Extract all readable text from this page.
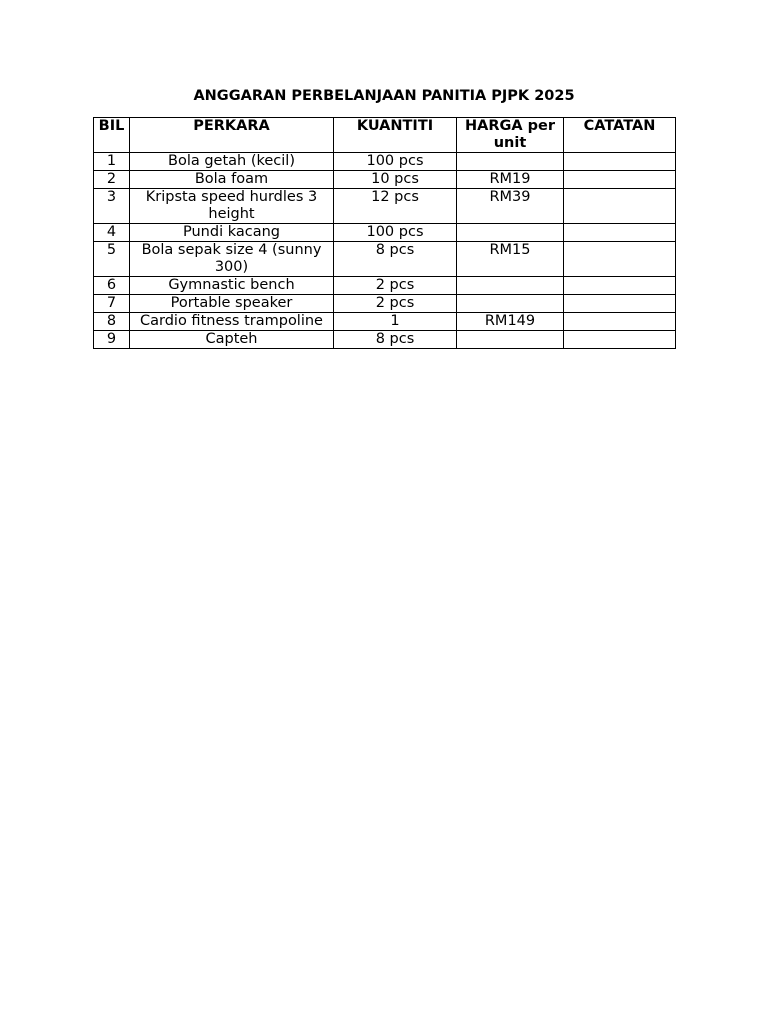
ANGGARAN PERBELANJAAN PANITIA PJPK 2025
BIL	PERKARA	KUANTITI	HARGA per unit	CATATAN
1	Bola getah (kecil)	100 pcs		
2	Bola foam	10 pcs	RM19	
3	Kripsta speed hurdles 3 height	12 pcs	RM39	
4	Pundi kacang	100 pcs		
5	Bola sepak size 4 (sunny 300)	8 pcs	RM15	
6	Gymnastic bench	2 pcs		
7	Portable speaker	2 pcs		
8	Cardio fitness trampoline	1	RM149	
9	Capteh	8 pcs		
